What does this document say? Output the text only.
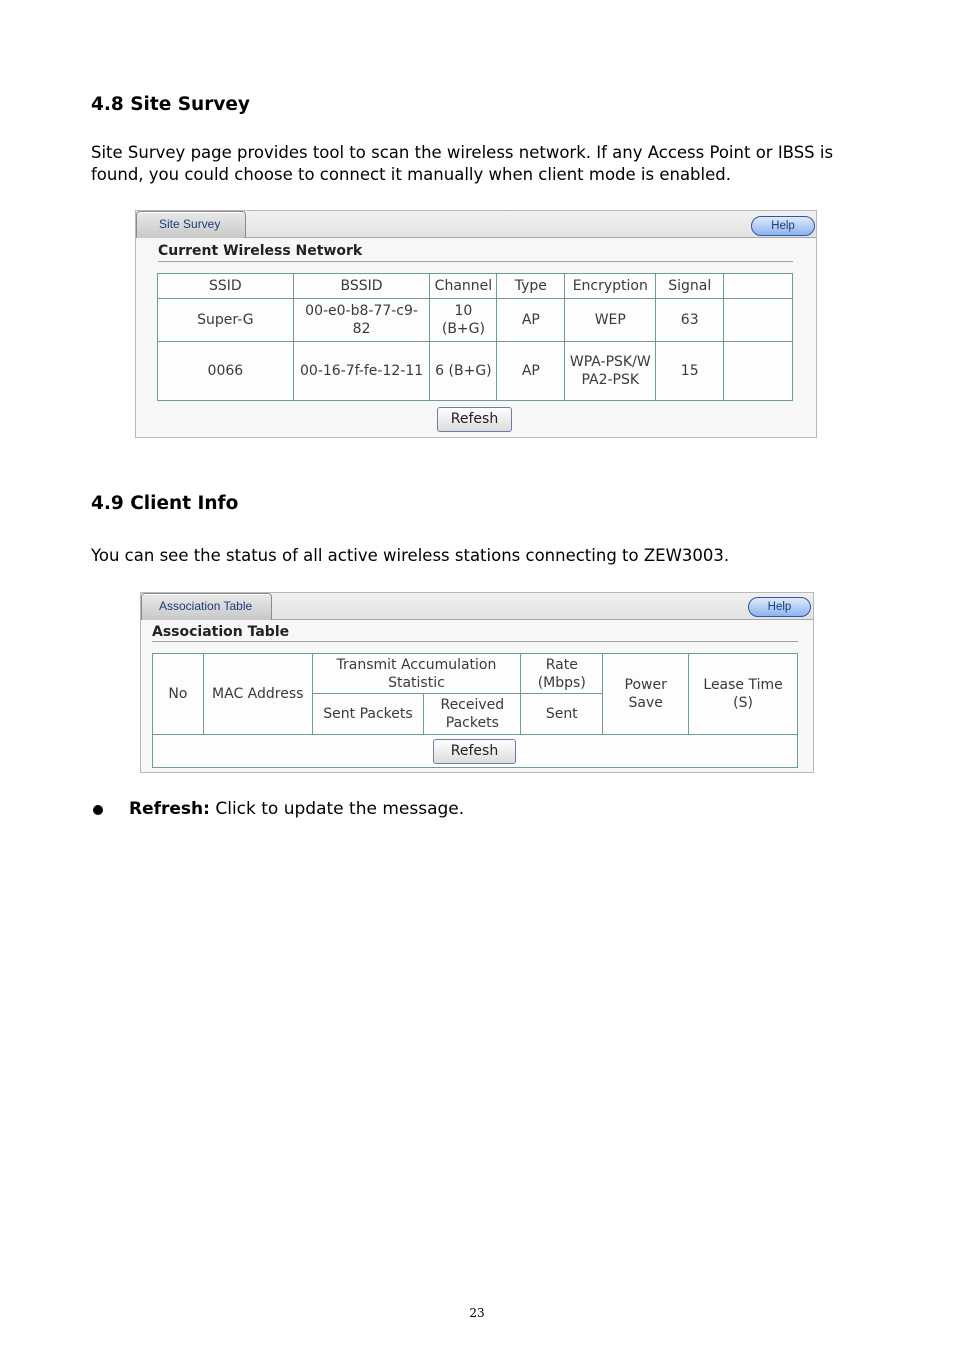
4.8 Site Survey
Site Survey page provides tool to scan the wireless network. If any Access Point or IBSS is found, you could choose to connect it manually when client mode is enabled.
Site Survey	Help
Current Wireless Network
SSID	BSSID	Channel	Type	Encryption	Signal	
Super-G	00-e0-b8-77-c9-82	10 (B+G)	AP	WEP	63	
0066	00-16-7f-fe-12-11	6 (B+G)	AP	WPA-PSK/WPA2-PSK	15	
Refesh
4.9 Client Info
You can see the status of all active wireless stations connecting to ZEW3003.
Association Table	Help
Association Table
No	MAC Address	Transmit Accumulation Statistic		Rate (Mbps)	Power Save	Lease Time (S)
		Sent Packets	Received Packets	Sent		

Refesh
Refresh: Click to update the message.
23
